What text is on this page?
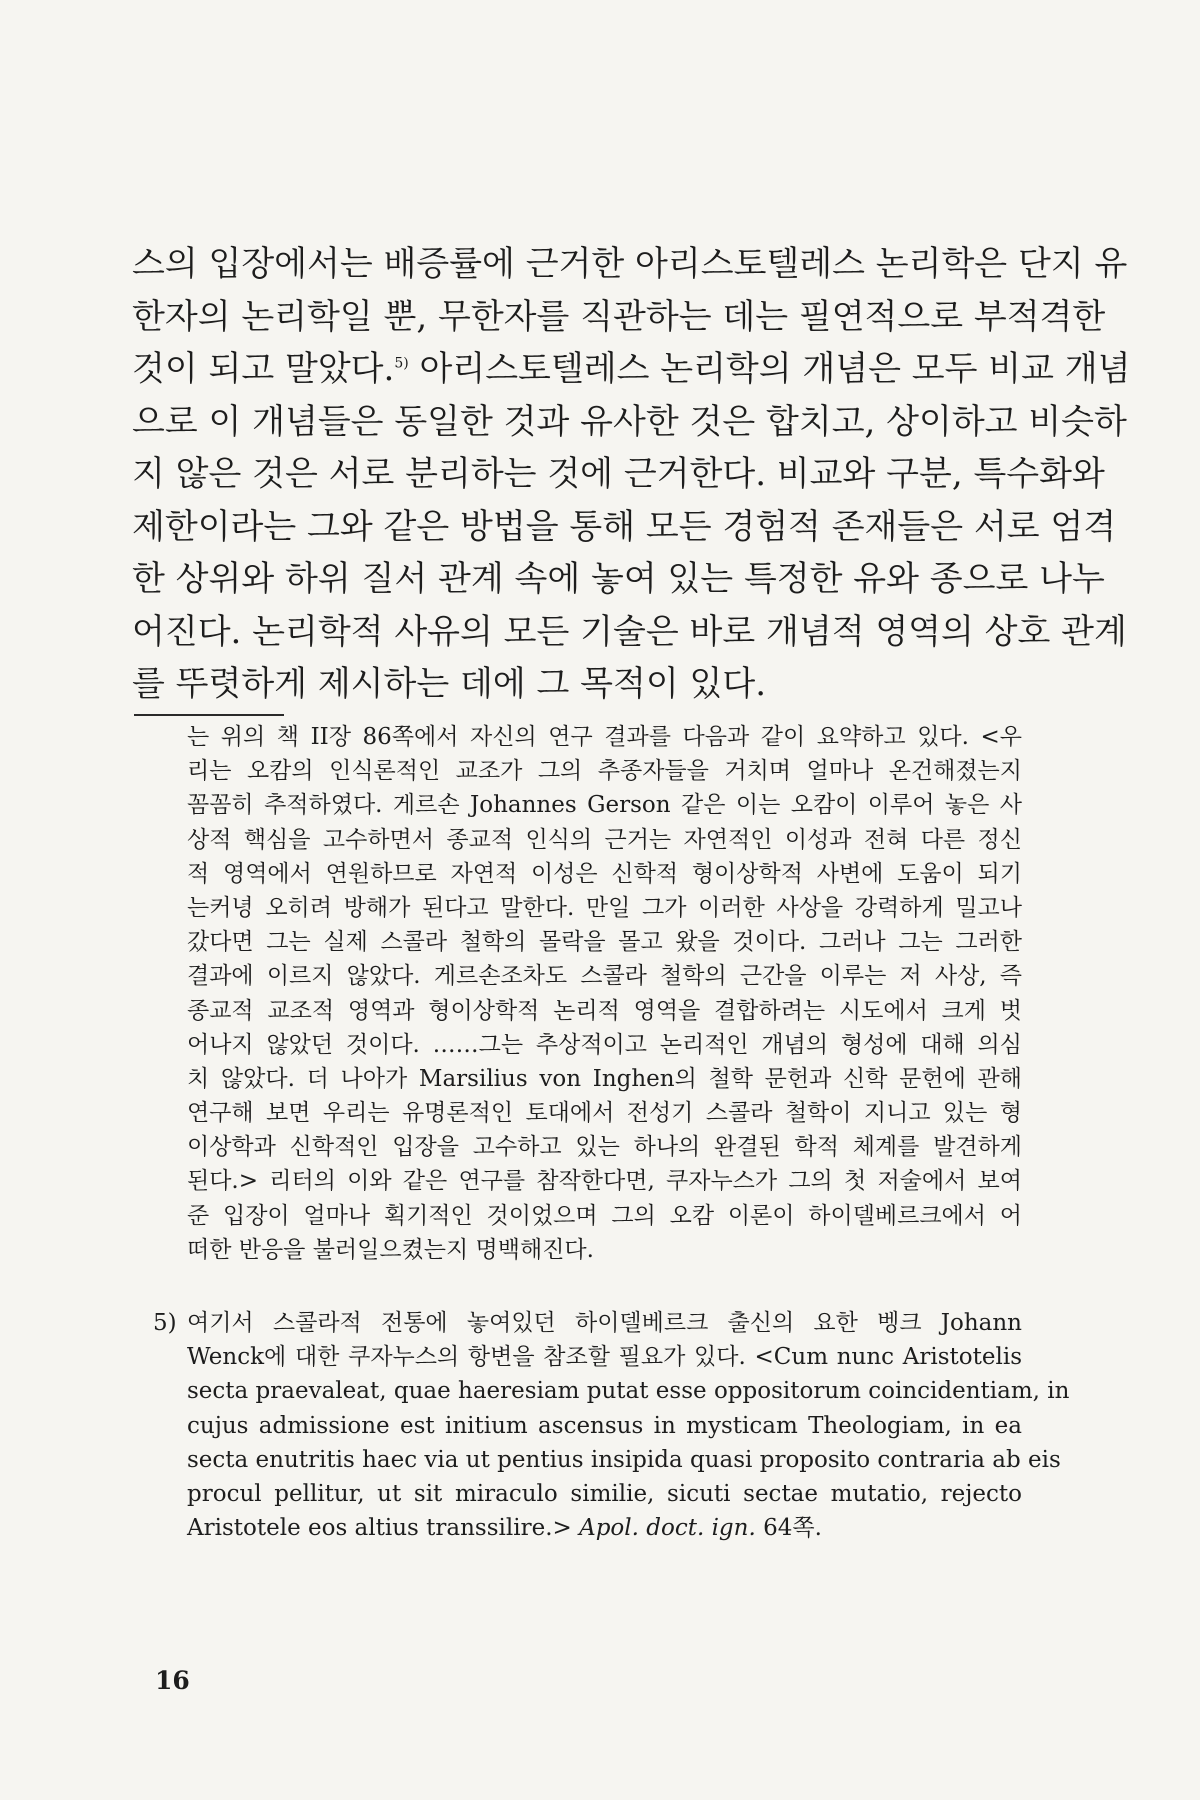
스의 입장에서는 배증률에 근거한 아리스토텔레스 논리학은 단지 유
한자의 논리학일 뿐, 무한자를 직관하는 데는 필연적으로 부적격한
것이 되고 말았다.$^{5)}$ 아리스토텔레스 논리학의 개념은 모두 비교 개념
으로 이 개념들은 동일한 것과 유사한 것은 합치고, 상이하고 비슷하
지 않은 것은 서로 분리하는 것에 근거한다. 비교와 구분, 특수화와
제한이라는 그와 같은 방법을 통해 모든 경험적 존재들은 서로 엄격
한 상위와 하위 질서 관계 속에 놓여 있는 특정한 유와 종으로 나누
어진다. 논리학적 사유의 모든 기술은 바로 개념적 영역의 상호 관계
를 뚜렷하게 제시하는 데에 그 목적이 있다.
는 위의 책 II장 86쪽에서 자신의 연구 결과를 다음과 같이 요약하고 있다. <우
리는 오캄의 인식론적인 교조가 그의 추종자들을 거치며 얼마나 온건해졌는지
꼼꼼히 추적하였다. 게르손 Johannes Gerson 같은 이는 오캄이 이루어 놓은 사
상적 핵심을 고수하면서 종교적 인식의 근거는 자연적인 이성과 전혀 다른 정신
적 영역에서 연원하므로 자연적 이성은 신학적 형이상학적 사변에 도움이 되기
는커녕 오히려 방해가 된다고 말한다. 만일 그가 이러한 사상을 강력하게 밀고나
갔다면 그는 실제 스콜라 철학의 몰락을 몰고 왔을 것이다. 그러나 그는 그러한
결과에 이르지 않았다. 게르손조차도 스콜라 철학의 근간을 이루는 저 사상, 즉
종교적 교조적 영역과 형이상학적 논리적 영역을 결합하려는 시도에서 크게 벗
어나지 않았던 것이다. ……그는 추상적이고 논리적인 개념의 형성에 대해 의심
치 않았다. 더 나아가 Marsilius von Inghen의 철학 문헌과 신학 문헌에 관해
연구해 보면 우리는 유명론적인 토대에서 전성기 스콜라 철학이 지니고 있는 형
이상학과 신학적인 입장을 고수하고 있는 하나의 완결된 학적 체계를 발견하게
된다.> 리터의 이와 같은 연구를 참작한다면, 쿠자누스가 그의 첫 저술에서 보여
준 입장이 얼마나 획기적인 것이었으며 그의 오캄 이론이 하이델베르크에서 어
떠한 반응을 불러일으켰는지 명백해진다.
5) 여기서 스콜라적 전통에 놓여있던 하이델베르크 출신의 요한 벵크 Johann
Wenck에 대한 쿠자누스의 항변을 참조할 필요가 있다. <Cum nunc Aristotelis
secta praevaleat, quae haeresiam putat esse oppositorum coincidentiam, in
cujus admissione est initium ascensus in mysticam Theologiam, in ea
secta enutritis haec via ut pentius insipida quasi proposito contraria ab eis
procul pellitur, ut sit miraculo similie, sicuti sectae mutatio, rejecto
Aristotele eos altius transsilire.> Apol. doct. ign. 64쪽.
16
